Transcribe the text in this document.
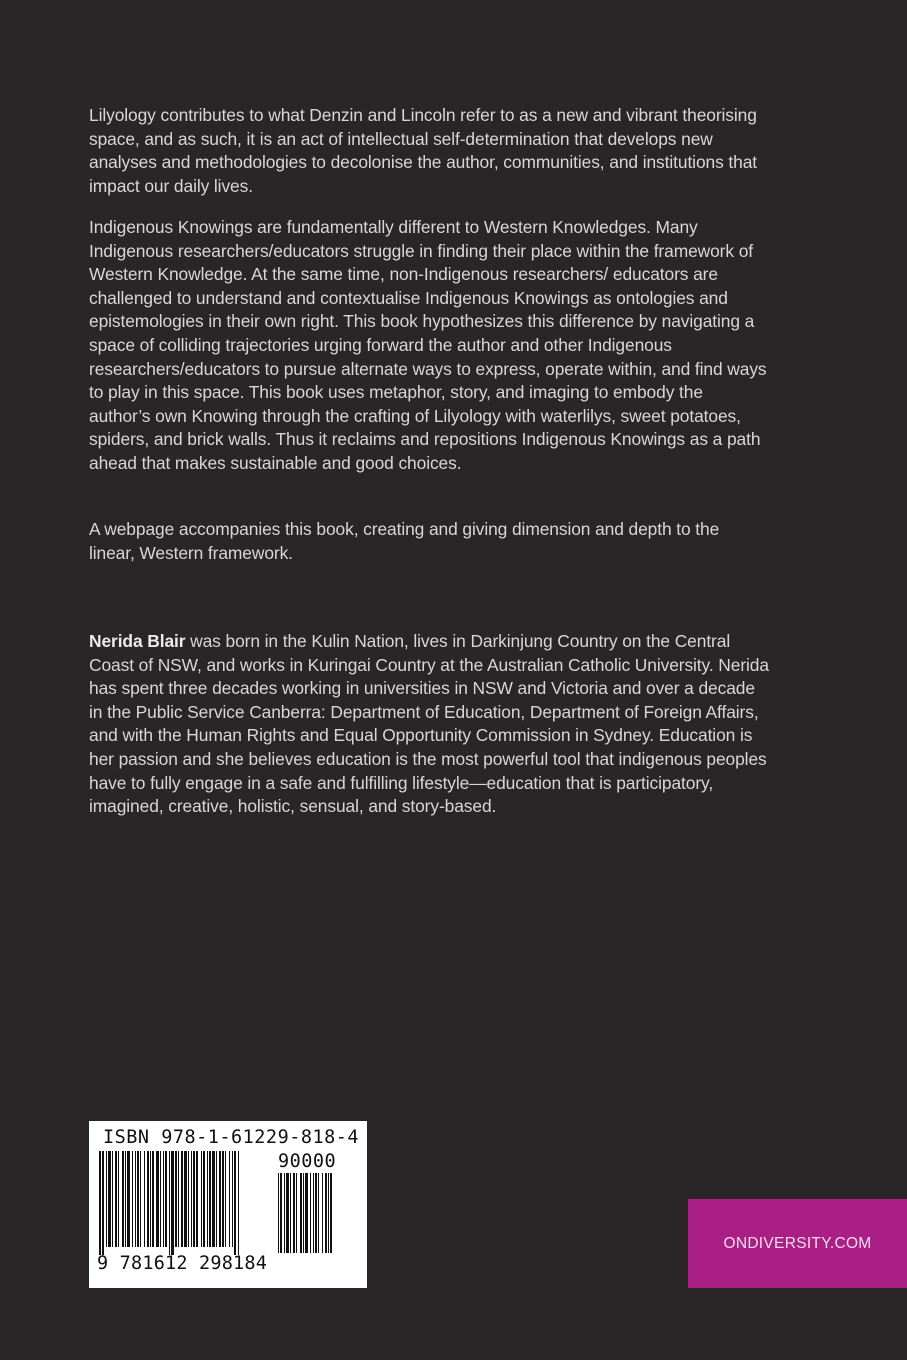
Lilyology contributes to what Denzin and Lincoln refer to as a new and vibrant theorising space, and as such, it is an act of intellectual self-determination that develops new analyses and methodologies to decolonise the author, communities, and institutions that impact our daily lives.

Indigenous Knowings are fundamentally different to Western Knowledges. Many Indigenous researchers/educators struggle in finding their place within the framework of Western Knowledge. At the same time, non-Indigenous researchers/ educators are challenged to understand and contextualise Indigenous Knowings as ontologies and epistemologies in their own right. This book hypothesizes this difference by navigating a space of colliding trajectories urging forward the author and other Indigenous researchers/educators to pursue alternate ways to express, operate within, and find ways to play in this space. This book uses metaphor, story, and imaging to embody the author’s own Knowing through the crafting of Lilyology with waterlilys, sweet potatoes, spiders, and brick walls. Thus it reclaims and repositions Indigenous Knowings as a path ahead that makes sustainable and good choices.

A webpage accompanies this book, creating and giving dimension and depth to the linear, Western framework.

Nerida Blair was born in the Kulin Nation, lives in Darkinjung Country on the Central Coast of NSW, and works in Kuringai Country at the Australian Catholic University. Nerida has spent three decades working in universities in NSW and Victoria and over a decade in the Public Service Canberra: Department of Education, Department of Foreign Affairs, and with the Human Rights and Equal Opportunity Commission in Sydney. Education is her passion and she believes education is the most powerful tool that indigenous peoples have to fully engage in a safe and fulfilling lifestyle—education that is participatory, imagined, creative, holistic, sensual, and story-based.

ISBN 978-1-61229-818-4
90000
9 781612 298184
ONDIVERSITY.COM
